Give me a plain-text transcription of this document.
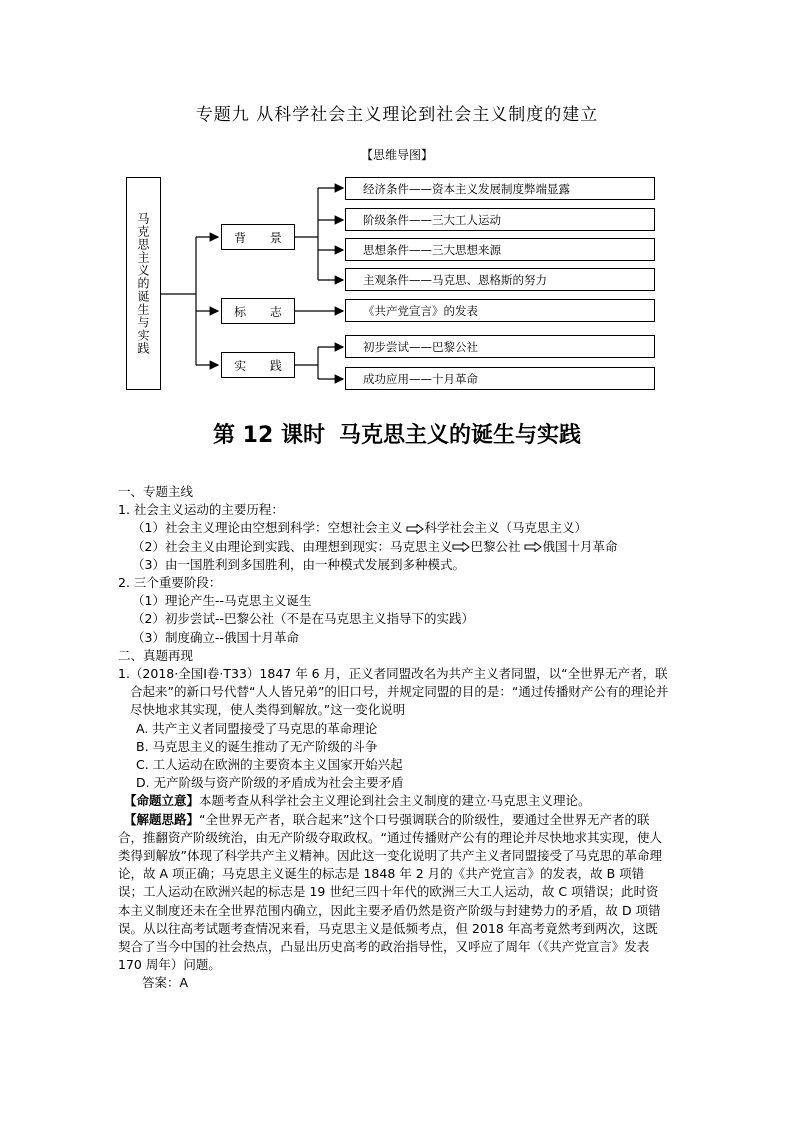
专题九 从科学社会主义理论到社会主义制度的建立
【思维导图】
马克思主义的诞生与实践	背 景
标 志
实 践
经济条件——资本主义发展制度弊端显露
阶级条件——三大工人运动
思想条件——三大思想来源
主观条件——马克思、恩格斯的努力
《共产党宣言》的发表
初步尝试——巴黎公社
成功应用——十月革命
第 12 课时 马克思主义的诞生与实践
一、专题主线
1. 社会主义运动的主要历程：
（1）社会主义理论由空想到科学：空想社会主义 科学社会主义（马克思主义）
（2）社会主义由理论到实践、由理想到现实：马克思主义 巴黎公社 俄国十月革命
（3）由一国胜利到多国胜利，由一种模式发展到多种模式。
2. 三个重要阶段：
（1）理论产生--马克思主义诞生
（2）初步尝试--巴黎公社（不是在马克思主义指导下的实践）
（3）制度确立--俄国十月革命
二、真题再现
1.（2018·全国Ⅰ卷·T33）1847 年 6 月，正义者同盟改名为共产主义者同盟，以“全世界无产者，联合起来”的新口号代替“人人皆兄弟”的旧口号，并规定同盟的目的是：“通过传播财产公有的理论并尽快地求其实现，使人类得到解放。”这一变化说明
A. 共产主义者同盟接受了马克思的革命理论
B. 马克思主义的诞生推动了无产阶级的斗争
C. 工人运动在欧洲的主要资本主义国家开始兴起
D. 无产阶级与资产阶级的矛盾成为社会主要矛盾
【命题立意】本题考查从科学社会主义理论到社会主义制度的建立·马克思主义理论。
【解题思路】“全世界无产者，联合起来”这个口号强调联合的阶级性，要通过全世界无产者的联合，推翻资产阶级统治，由无产阶级夺取政权。“通过传播财产公有的理论并尽快地求其实现，使人类得到解放”体现了科学共产主义精神。因此这一变化说明了共产主义者同盟接受了马克思的革命理论，故 A 项正确；马克思主义诞生的标志是 1848 年 2 月的《共产党宣言》的发表，故 B 项错误；工人运动在欧洲兴起的标志是 19 世纪三四十年代的欧洲三大工人运动，故 C 项错误；此时资本主义制度还未在全世界范围内确立，因此主要矛盾仍然是资产阶级与封建势力的矛盾，故 D 项错误。从以往高考试题考查情况来看，马克思主义是低频考点，但 2018 年高考竟然考到两次，这既契合了当今中国的社会热点，凸显出历史高考的政治指导性，又呼应了周年（《共产党宣言》发表 170 周年）问题。
答案：A
